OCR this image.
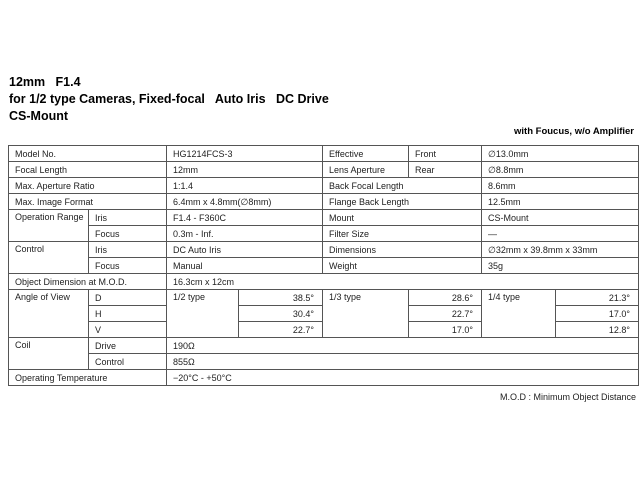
12mm   F1.4
for 1/2 type Cameras, Fixed-focal   Auto Iris   DC Drive
CS-Mount
with Foucus, w/o Amplifier
Model No.		HG1214FCS-3		Effective	Front	∅13.0mm	
Focal Length		12mm		Lens Aperture	Rear	∅8.8mm	
Max. Aperture Ratio		1:1.4		Back Focal Length		8.6mm	
Max. Image Format		6.4mm x 4.8mm(∅8mm)		Flange Back Length		12.5mm	
Operation Range	Iris	F1.4 - F360C		Mount		CS-Mount	
	Focus	0.3m - Inf.		Filter Size		—	
Control	Iris	DC Auto Iris		Dimensions		∅32mm x 39.8mm x 33mm	
	Focus	Manual		Weight		35g	
Object Dimension at M.O.D.		16.3cm x 12cm					
Angle of View	D	1/2 type	38.5°	1/3 type	28.6°	1/4 type	21.3°
	H		30.4°		22.7°		17.0°
	V		22.7°		17.0°		12.8°
Coil	Drive	190Ω					
	Control	855Ω					
Operating Temperature		−20°C - +50°C					
M.O.D : Minimum Object Distance
